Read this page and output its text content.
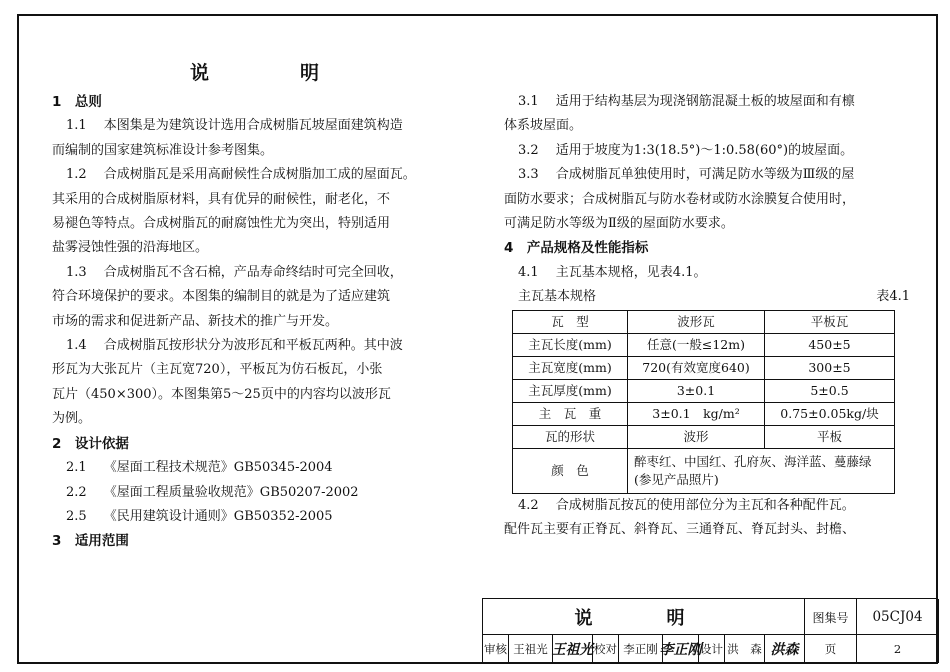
说　明

1　总则

1.1　 本图集是为建筑设计选用合成树脂瓦坡屋面建筑构造

而编制的国家建筑标准设计参考图集。

1.2　 合成树脂瓦是采用高耐候性合成树脂加工成的屋面瓦。

其采用的合成树脂原材料，具有优异的耐候性，耐老化，不

易褪色等特点。合成树脂瓦的耐腐蚀性尤为突出，特别适用

盐雾浸蚀性强的沿海地区。

1.3　 合成树脂瓦不含石棉，产品寿命终结时可完全回收，

符合环境保护的要求。本图集的编制目的就是为了适应建筑

市场的需求和促进新产品、新技术的推广与开发。

1.4　 合成树脂瓦按形状分为波形瓦和平板瓦两种。其中波

形瓦为大张瓦片（主瓦宽720），平板瓦为仿石板瓦，小张

瓦片（450×300）。本图集第5～25页中的内容均以波形瓦

为例。

2　设计依据

2.1　 《屋面工程技术规范》GB50345-2004

2.2　 《屋面工程质量验收规范》GB50207-2002

2.5　 《民用建筑设计通则》GB50352-2005

3　适用范围

3.1　 适用于结构基层为现浇钢筋混凝土板的坡屋面和有檩

体系坡屋面。

3.2　 适用于坡度为1:3(18.5°)～1:0.58(60°)的坡屋面。

3.3　 合成树脂瓦单独使用时，可满足防水等级为Ⅲ级的屋

面防水要求；合成树脂瓦与防水卷材或防水涂膜复合使用时，

可满足防水等级为Ⅱ级的屋面防水要求。

4　产品规格及性能指标

4.1　 主瓦基本规格，见表4.1。

主瓦基本规格	表4.1
瓦　型	波形瓦	平板瓦
主瓦长度(mm)	任意(一般≤12m)	450±5
主瓦宽度(mm)	720(有效宽度640)	300±5
主瓦厚度(mm)	3±0.1	5±0.5
主　瓦　重	3±0.1　kg/m²	0.75±0.05kg/块
瓦的形状	波形	平板
颜　色	醉枣红、中国红、孔府灰、海洋蓝、蔓藤绿(参见产品照片)	

4.2　 合成树脂瓦按瓦的使用部位分为主瓦和各种配件瓦。

配件瓦主要有正脊瓦、斜脊瓦、三通脊瓦、脊瓦封头、封檐、

说　明	图集号	05CJ04
审核 王祖光 王祖光 校对 李正刚 李正刚
设计 洪　森 洪森	页	2
